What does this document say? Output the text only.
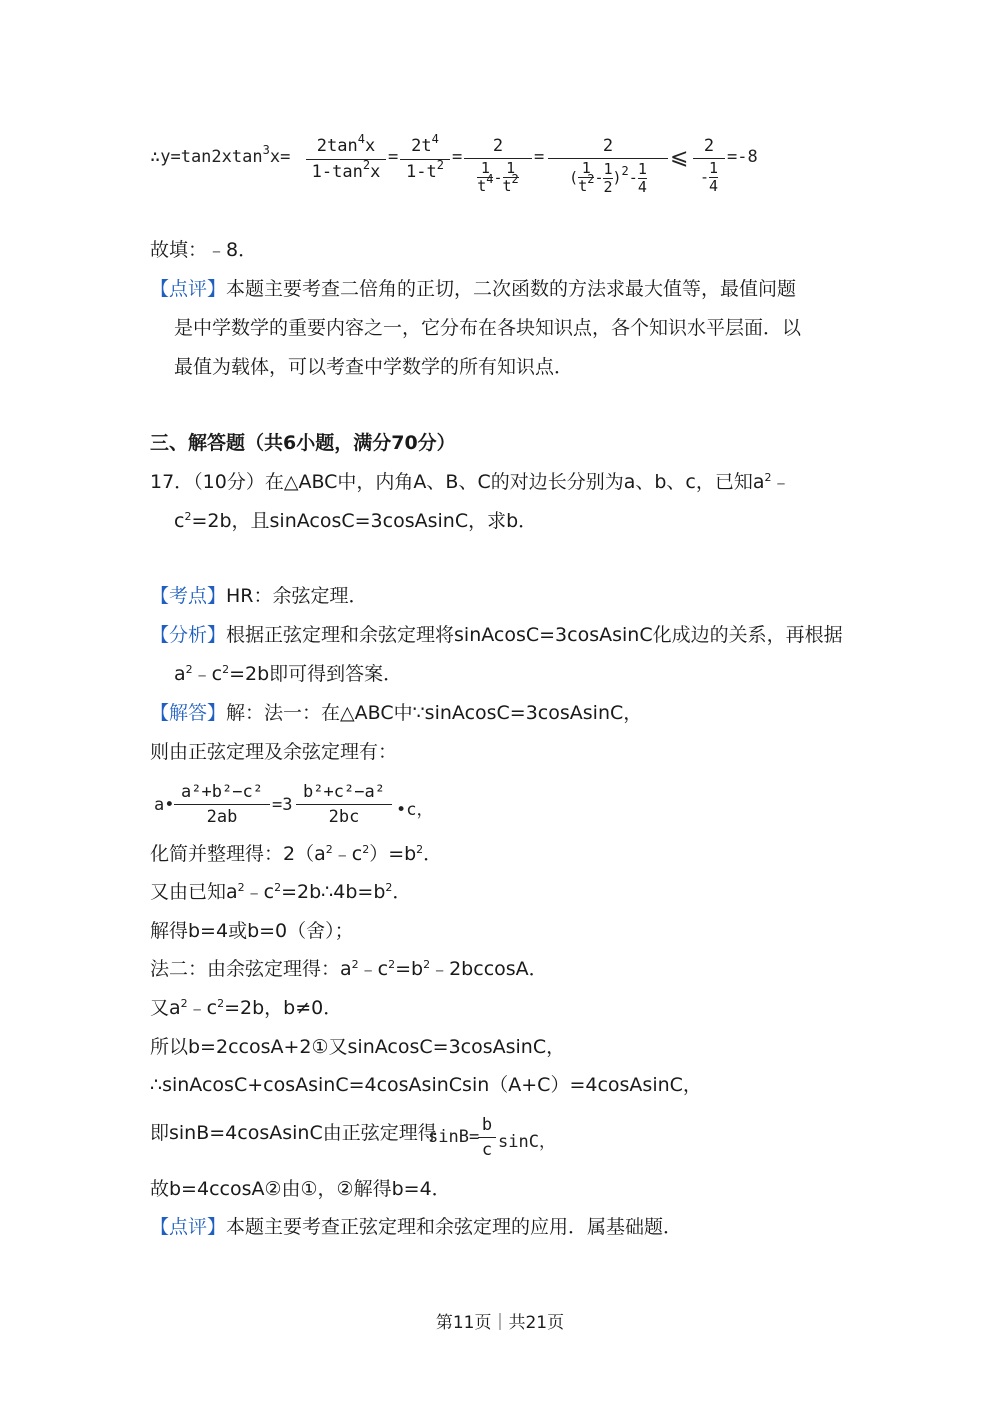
∴y=tan2xtan$^3$x=
$2\tan^4x$
$1-\tan^2x$
=
$2t^4$
$1-t^2$ =
2
$\frac{1}{t^4} - \frac{1}{t^2}$
=
2
( $\frac{1}{t^2} - \frac{1}{2} )^2- \frac{1}{4}$
⩽ 2
- $\frac{1}{4}$
=-8
故填：﹣8．
【点评】本题主要考查二倍角的正切，二次函数的方法求最大值等，最值问题
是中学数学的重要内容之一，它分布在各块知识点，各个知识水平层面．以
最值为载体，可以考查中学数学的所有知识点．
三、解答题（共6小题，满分70分）
17．（10分）在△ABC中，内角A、B、C的对边长分别为a、b、c，已知$a^2﹣$
$c^2=2b$，且sinAcosC=3cosAsinC，求b．
【考点】HR：余弦定理．
【分析】根据正弦定理和余弦定理将sinAcosC=3cosAsinC化成边的关系，再根据
$a^2﹣c^2=2b$即可得到答案．
【解答】解：法一：在△ABC中∵sinAcosC=3cosAsinC，
则由正弦定理及余弦定理有：
a•
a²+b²−c²
2ab
=3
b²+c²−a²
2bc	•c，
化简并整理得：$2(a^2﹣c^2)=b^2$．
又由已知$a^2﹣c^2=2b\therefore 4b=b^2$．
解得b=4或b=0（舍）；
法二：由余弦定理得：$a^2﹣c^2=b^2﹣2bccosA$．
又$a^2﹣c^2=2b$，b≠0．
所以b=2ccosA+2①又sinAcosC=3cosAsinC，
∴sinAcosC+cosAsinC=4cosAsinCsin（A+C）=4cosAsinC，
即sinB=4cosAsinC由正弦定理得
sinB=
b
c sinC，
故b=4ccosA②由①，②解得b=4．
【点评】本题主要考查正弦定理和余弦定理的应用．属基础题．
第11页｜共21页
